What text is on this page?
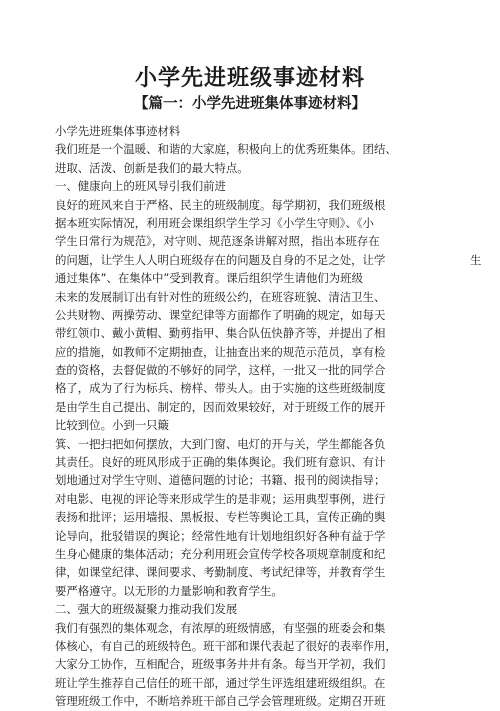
小学先进班级事迹材料
【篇一：小学先进班集体事迹材料】
小学先进班集体事迹材料
我们班是一个温暖、和谐的大家庭，积极向上的优秀班集体。团结、
进取、活泼、创新是我们的最大特点。
一、健康向上的班风导引我们前进
良好的班风来自于严格、民主的班级制度。每学期初，我们班级根
据本班实际情况，利用班会课组织学生学习《小学生守则》、《小
学生日常行为规范》，对守则、规范逐条讲解对照，指出本班存在
的问题，让学生人人明白班级存在的问题及自身的不足之处，让学	生
通过集体”、在集体中”受到教育。课后组织学生请他们为班级
未来的发展制订出有针对性的班级公约，在班容班貌、清洁卫生、
公共财物、两操劳动、课堂纪律等方面都作了明确的规定，如每天
带红领巾、戴小黄帽、勤剪指甲、集合队伍快静齐等，并提出了相
应的措施，如教师不定期抽查，让抽查出来的规范示范员，享有检
查的资格，去督促做的不够好的同学，这样，一批又一批的同学合
格了，成为了行为标兵、榜样、带头人。由于实施的这些班级制度
是由学生自己提出、制定的，因而效果较好，对于班级工作的展开
比较到位。小到一只簸
箕、一把扫把如何摆放，大到门窗、电灯的开与关，学生都能各负
其责任。良好的班风形成于正确的集体舆论。我们班有意识、有计
划地通过对学生守则、道德问题的讨论；书籍、报刊的阅读指导；
对电影、电视的评论等来形成学生的是非观；运用典型事例，进行
表扬和批评；运用墙报、黑板报、专栏等舆论工具，宣传正确的舆
论导向，批驳错误的舆论；经常性地有计划地组织好各种有益于学
生身心健康的集体活动；充分利用班会宣传学校各项规章制度和纪
律，如课堂纪律、课间要求、考勤制度、考试纪律等，并教育学生
要严格遵守。以无形的力量影响和教育学生。
二、强大的班级凝聚力推动我们发展
我们有强烈的集体观念，有浓厚的班级情感，有坚强的班委会和集
体核心，有自己的班级特色。班干部和课代表起了很好的表率作用，
大家分工协作，互相配合，班级事务井井有条。每当开学初，我们
班让学生推荐自己信任的班干部，通过学生评选组建班级组织。在
管理班级工作中，不断培养班干部自己学会管理班级。定期召开班
